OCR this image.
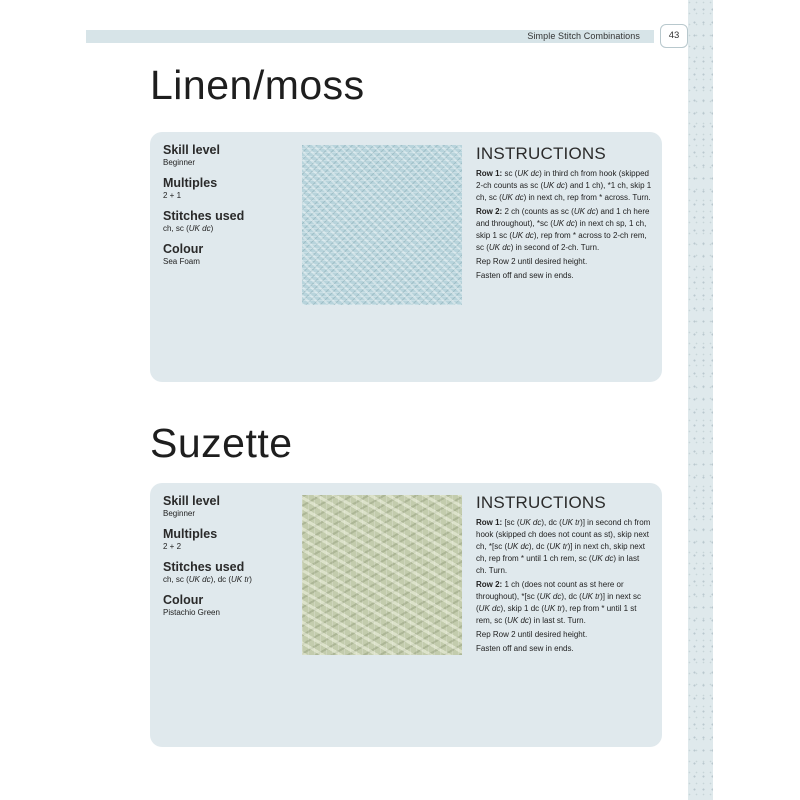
Simple Stitch Combinations	43
Linen/moss
Skill level
Beginner
Multiples
2 + 1
Stitches used
ch, sc (UK dc)
Colour
Sea Foam
INSTRUCTIONS

Row 1: sc (UK dc) in third ch from hook (skipped 2-ch counts as sc (UK dc) and 1 ch), *1 ch, skip 1 ch, sc (UK dc) in next ch, rep from * across. Turn.

Row 2: 2 ch (counts as sc (UK dc) and 1 ch here and throughout), *sc (UK dc) in next ch sp, 1 ch, skip 1 sc (UK dc), rep from * across to 2-ch rem, sc (UK dc) in second of 2-ch. Turn.

Rep Row 2 until desired height.

Fasten off and sew in ends.

Suzette
Skill level
Beginner
Multiples
2 + 2
Stitches used
ch, sc (UK dc), dc (UK tr)
Colour
Pistachio Green
INSTRUCTIONS

Row 1: [sc (UK dc), dc (UK tr)] in second ch from hook (skipped ch does not count as st), skip next ch, *[sc (UK dc), dc (UK tr)] in next ch, skip next ch, rep from * until 1 ch rem, sc (UK dc) in last ch. Turn.

Row 2: 1 ch (does not count as st here or throughout), *[sc (UK dc), dc (UK tr)] in next sc (UK dc), skip 1 dc (UK tr), rep from * until 1 st rem, sc (UK dc) in last st. Turn.

Rep Row 2 until desired height.

Fasten off and sew in ends.
